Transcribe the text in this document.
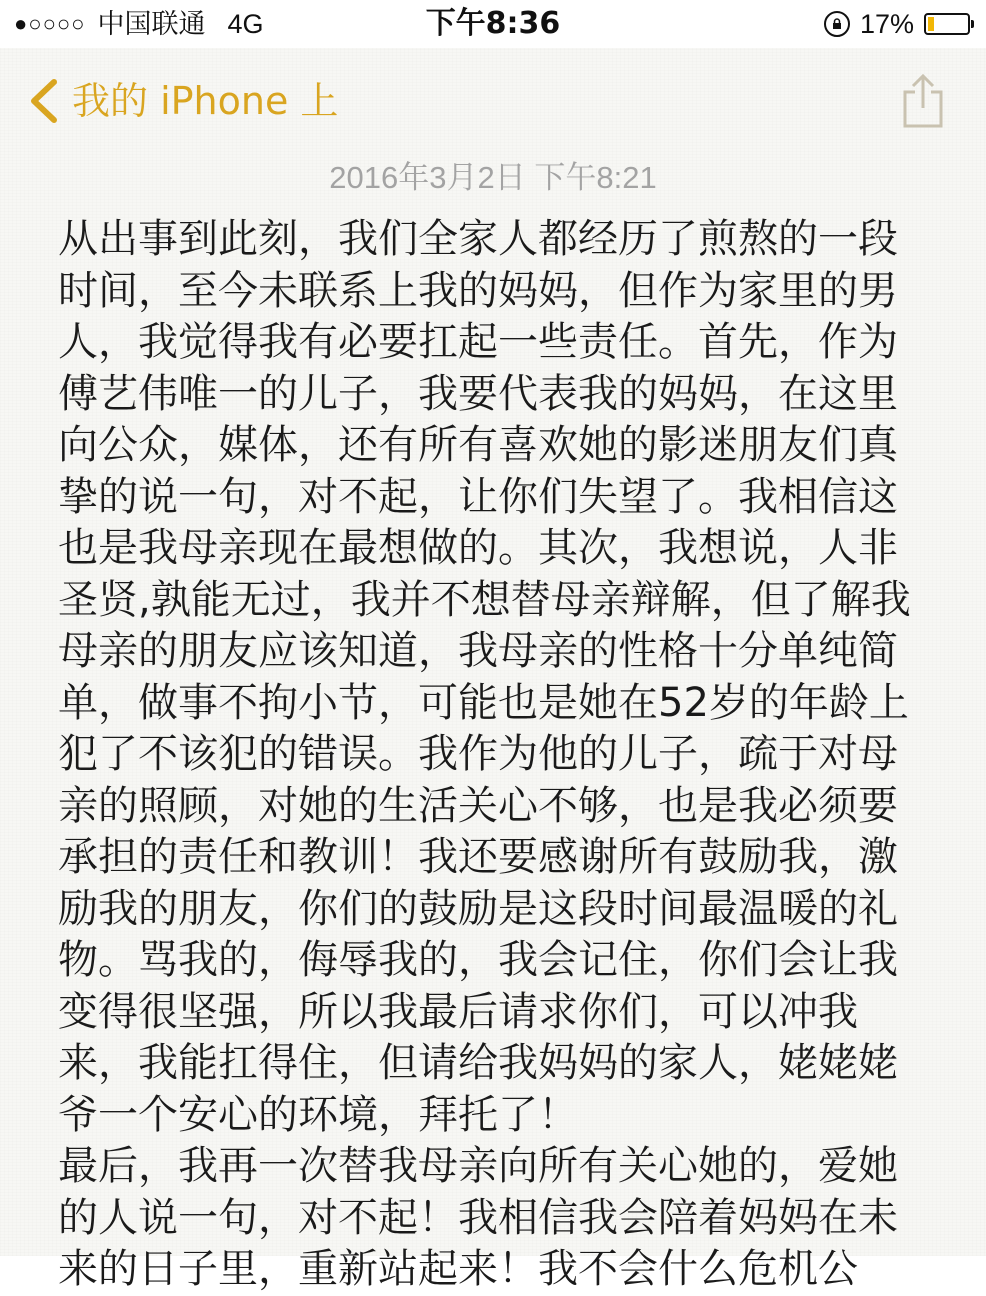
●○○○○ 中国联通 4G	下午8:36	17%
我的 iPhone 上
2016年3月2日 下午8:21
从出事到此刻，我们全家人都经历了煎熬的一段
时间，至今未联系上我的妈妈，但作为家里的男
人，我觉得我有必要扛起一些责任。首先，作为
傅艺伟唯一的儿子，我要代表我的妈妈，在这里
向公众，媒体，还有所有喜欢她的影迷朋友们真
挚的说一句，对不起，让你们失望了。我相信这
也是我母亲现在最想做的。其次，我想说，人非
圣贤,孰能无过，我并不想替母亲辩解，但了解我
母亲的朋友应该知道，我母亲的性格十分单纯简
单，做事不拘小节，可能也是她在52岁的年龄上
犯了不该犯的错误。我作为他的儿子，疏于对母
亲的照顾，对她的生活关心不够，也是我必须要
承担的责任和教训！我还要感谢所有鼓励我，激
励我的朋友，你们的鼓励是这段时间最温暖的礼
物。骂我的，侮辱我的，我会记住，你们会让我
变得很坚强，所以我最后请求你们，可以冲我
来，我能扛得住，但请给我妈妈的家人，姥姥姥
爷一个安心的环境，拜托了！
最后，我再一次替我母亲向所有关心她的，爱她
的人说一句，对不起！我相信我会陪着妈妈在未
来的日子里，重新站起来！我不会什么危机公
